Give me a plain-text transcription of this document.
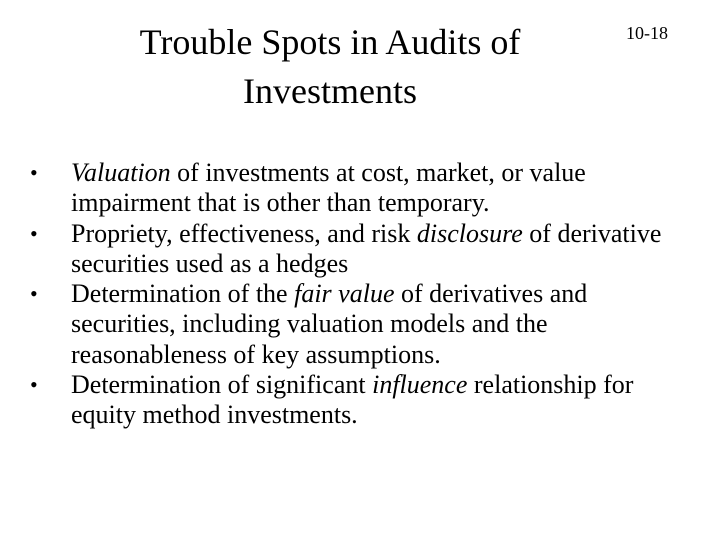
Trouble Spots in Audits of
Investments
10-18
•	Valuation of investments at cost, market, or value impairment that is other than temporary.
•	Propriety, effectiveness, and risk disclosure of derivative securities used as a hedges
•	Determination of the fair value of derivatives and securities, including valuation models and the reasonableness of key assumptions.
•	Determination of significant influence relationship for equity method investments.
